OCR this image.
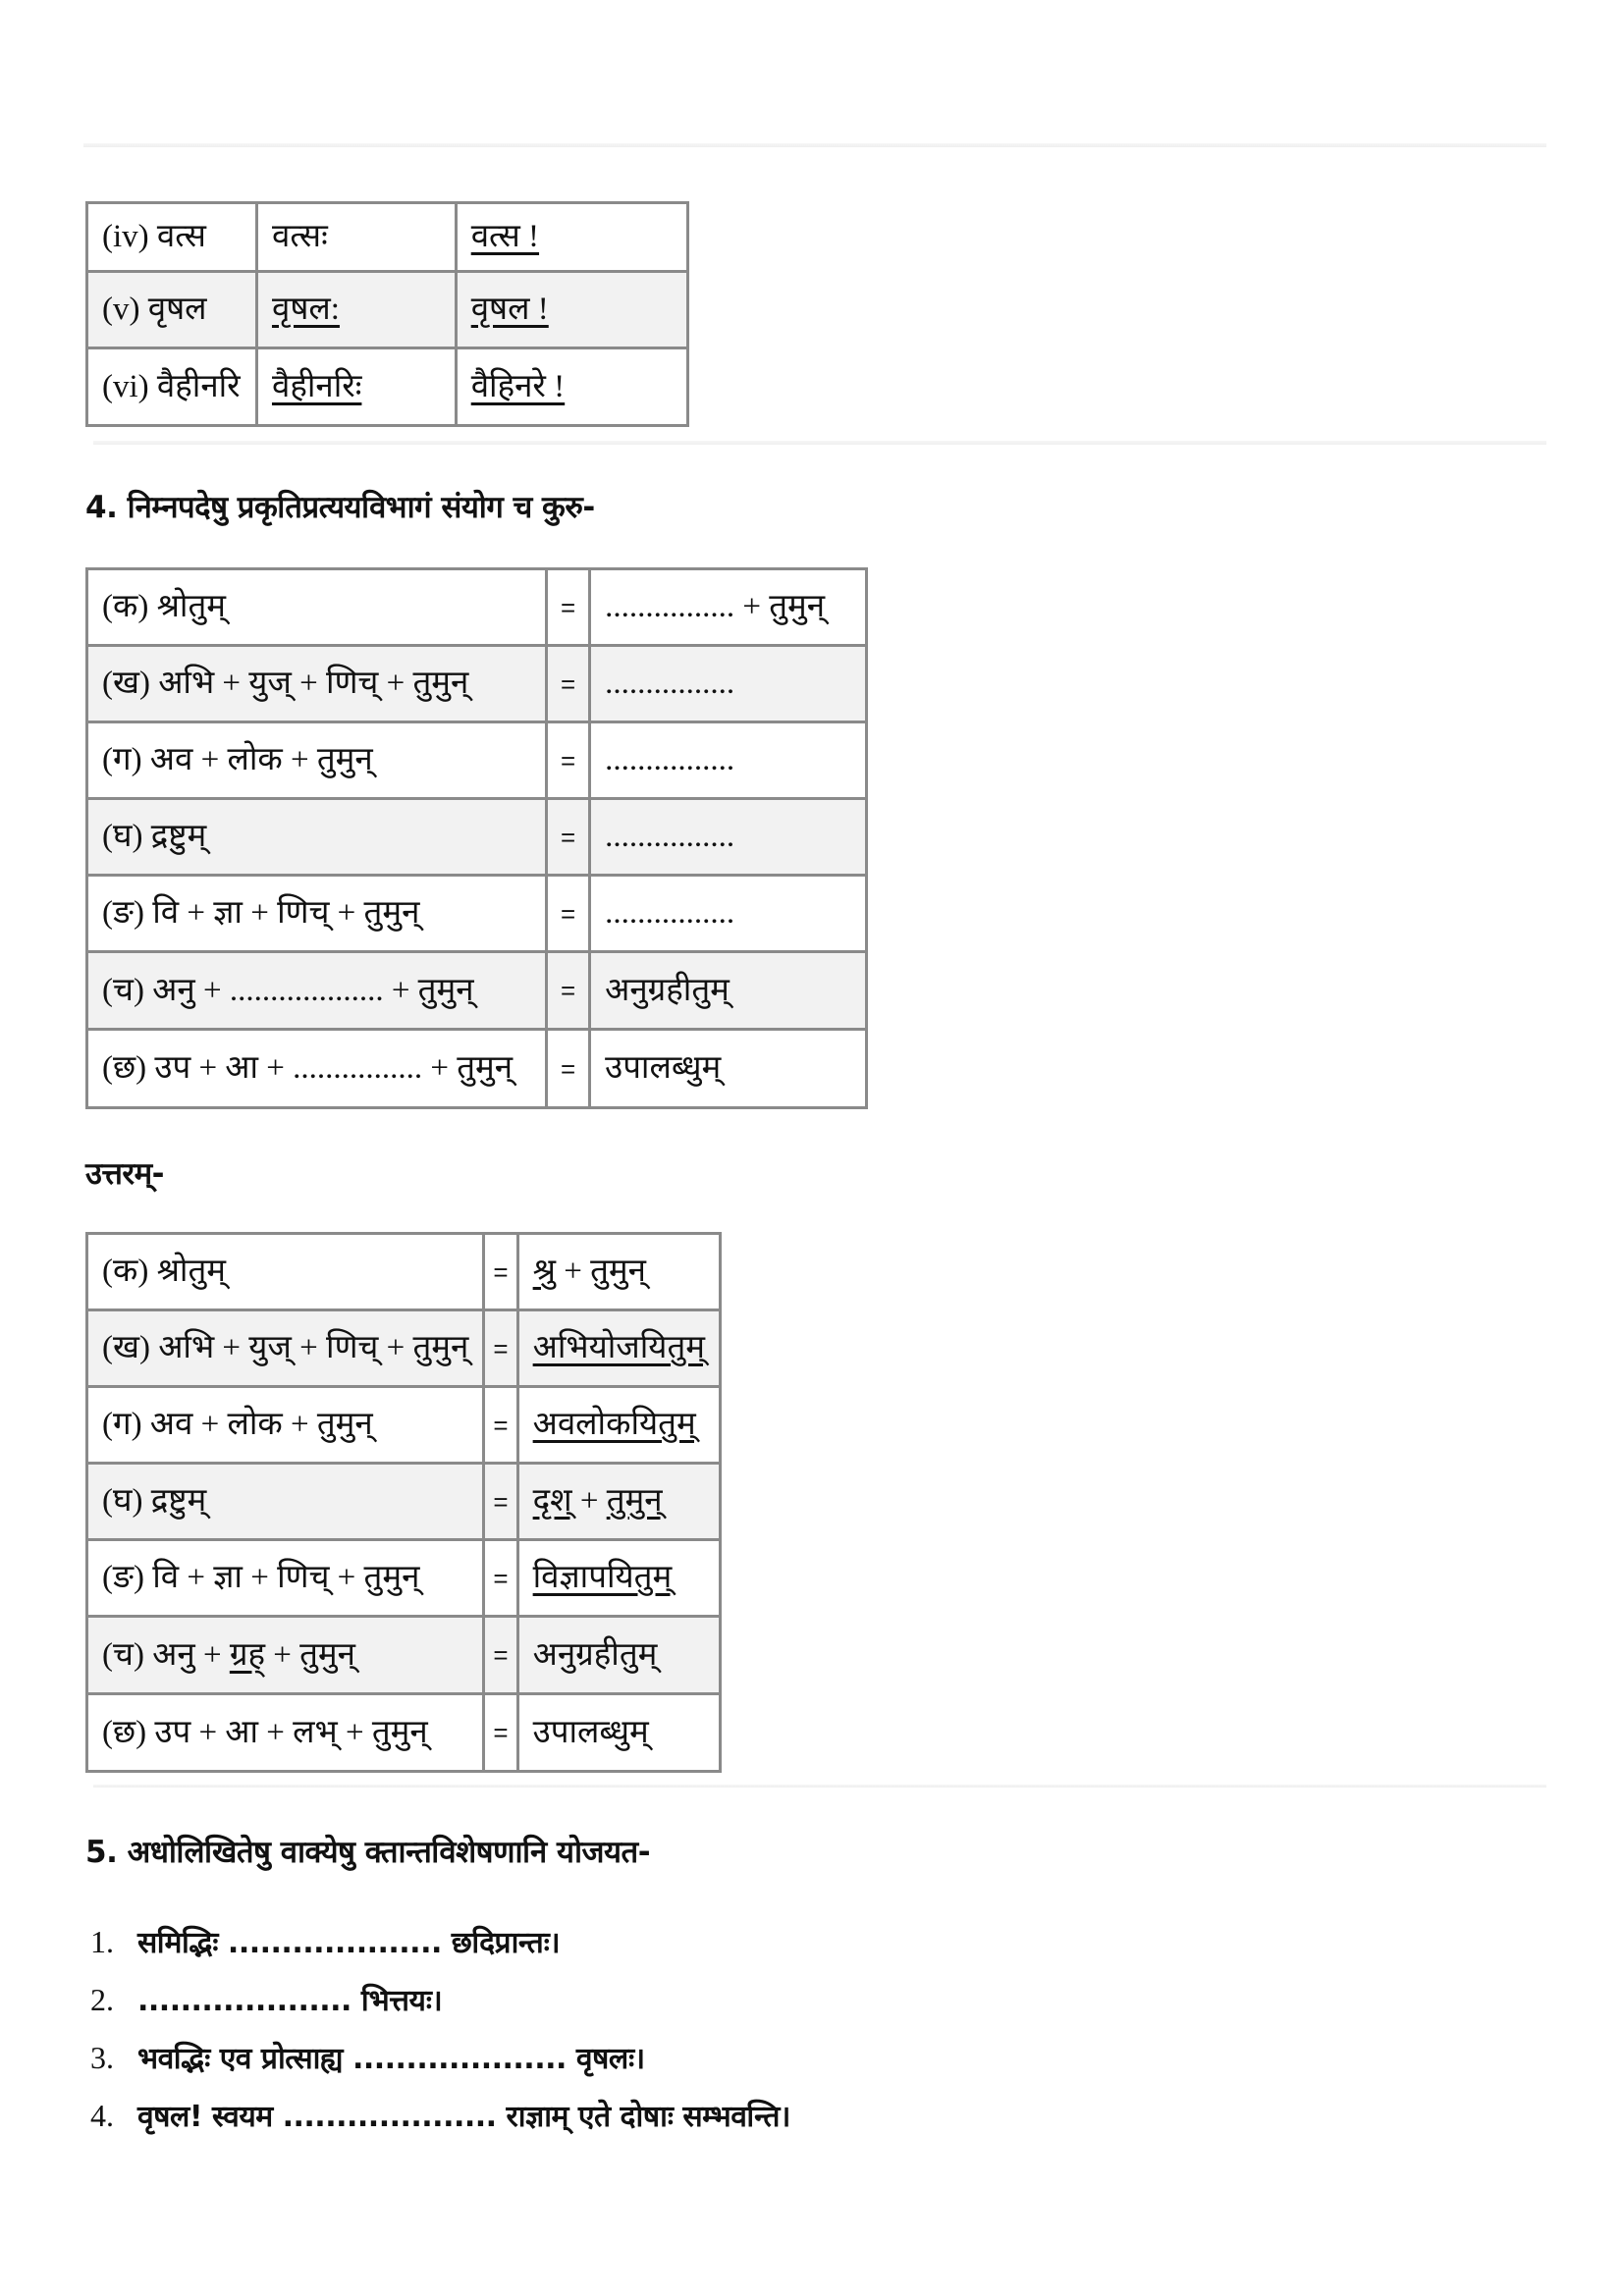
(iv) वत्स	वत्सः	वत्स !
(v) वृषल	वृषल:	वृषल !
(vi) वैहीनरि	वैहीनरिः	वैहिनरे !
4. निम्नपदेषु प्रकृतिप्रत्ययविभागं संयोग च कुरु-
(क) श्रोतुम्	=	................ + तुमुन्
(ख) अभि + युज् + णिच् + तुमुन्	=	................
(ग) अव + लोक + तुमुन्	=	................
(घ) द्रष्टुम्	=	................
(ङ) वि + ज्ञा + णिच् + तुमुन्	=	................
(च) अनु + ................... + तुमुन्	=	अनुग्रहीतुम्
(छ) उप + आ + ................ + तुमुन्	=	उपालब्धुम्
उत्तरम्-
(क) श्रोतुम्	=	श्रु + तुमुन्
(ख) अभि + युज् + णिच् + तुमुन्	=	अभियोजयितुम्
(ग) अव + लोक + तुमुन्	=	अवलोकयितुम्
(घ) द्रष्टुम्	=	दृश् + तुमुन्
(ङ) वि + ज्ञा + णिच् + तुमुन्	=	विज्ञापयितुम्
(च) अनु + ग्रह् + तुमुन्	=	अनुग्रहीतुम्
(छ) उप + आ + लभ् + तुमुन्	=	उपालब्धुम्
5. अधोलिखितेषु वाक्येषु क्तान्तविशेषणानि योजयत-
1. समिद्भिः .................... छदिप्रान्तः।
2. .................... भित्तयः।
3. भवद्भिः एव प्रोत्साह्य .................... वृषलः।
4. वृषल! स्वयम .................... राज्ञाम् एते दोषाः सम्भवन्ति।
